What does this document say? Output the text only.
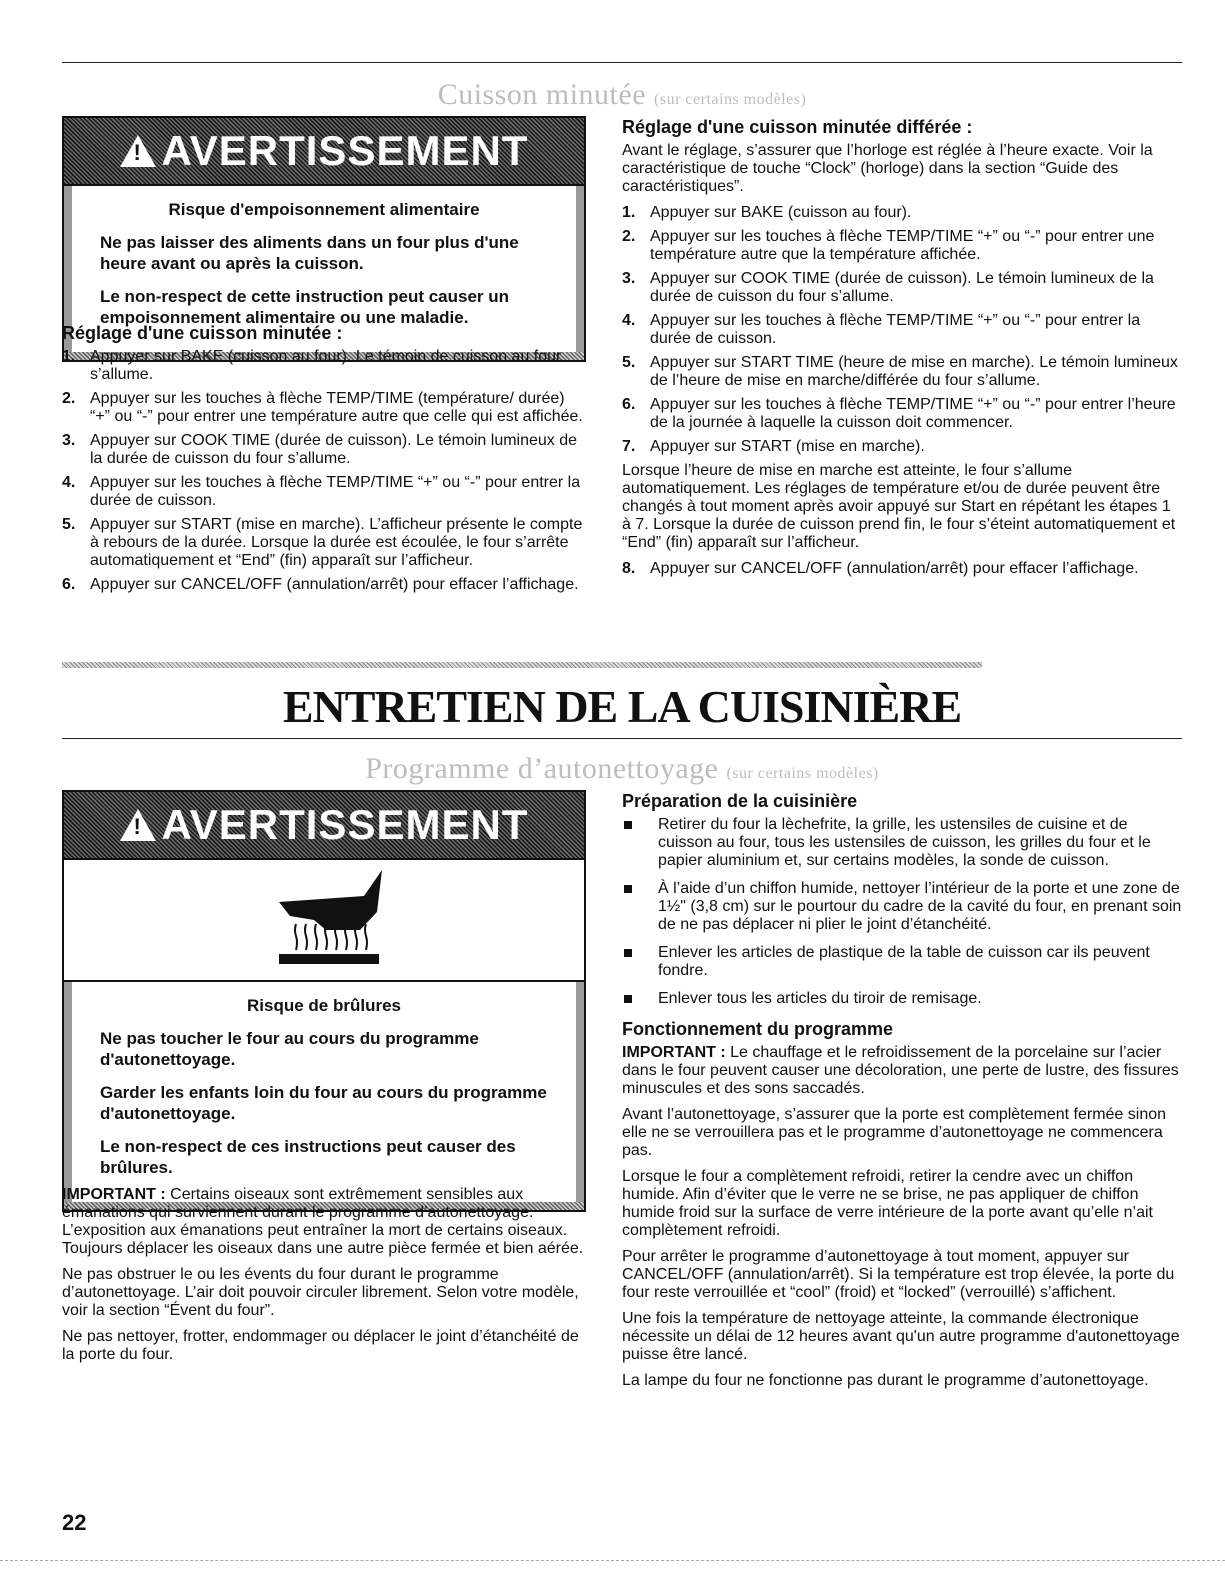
Cuisson minutée (sur certains modèles)
! AVERTISSEMENT
Risque d'empoisonnement alimentaire
Ne pas laisser des aliments dans un four plus d'une heure avant ou après la cuisson.
Le non-respect de cette instruction peut causer un empoisonnement alimentaire ou une maladie.
Réglage d'une cuisson minutée :
1. Appuyer sur BAKE (cuisson au four). Le témoin de cuisson au four s’allume.
2. Appuyer sur les touches à flèche TEMP/TIME (température/ durée) “+” ou “-” pour entrer une température autre que celle qui est affichée.
3. Appuyer sur COOK TIME (durée de cuisson). Le témoin lumineux de la durée de cuisson du four s’allume.
4. Appuyer sur les touches à flèche TEMP/TIME “+” ou “-” pour entrer la durée de cuisson.
5. Appuyer sur START (mise en marche). L’afficheur présente le compte à rebours de la durée. Lorsque la durée est écoulée, le four s’arrête automatiquement et “End” (fin) apparaît sur l’afficheur.
6. Appuyer sur CANCEL/OFF (annulation/arrêt) pour effacer l’affichage.
Réglage d'une cuisson minutée différée :

Avant le réglage, s’assurer que l’horloge est réglée à l’heure exacte. Voir la caractéristique de touche “Clock” (horloge) dans la section “Guide des caractéristiques”.

1. Appuyer sur BAKE (cuisson au four).
2. Appuyer sur les touches à flèche TEMP/TIME “+” ou “-” pour entrer une température autre que la température affichée.
3. Appuyer sur COOK TIME (durée de cuisson). Le témoin lumineux de la durée de cuisson du four s’allume.
4. Appuyer sur les touches à flèche TEMP/TIME “+” ou “-” pour entrer la durée de cuisson.
5. Appuyer sur START TIME (heure de mise en marche). Le témoin lumineux de l’heure de mise en marche/différée du four s’allume.
6. Appuyer sur les touches à flèche TEMP/TIME “+” ou “-” pour entrer l’heure de la journée à laquelle la cuisson doit commencer.
7. Appuyer sur START (mise en marche).

Lorsque l’heure de mise en marche est atteinte, le four s’allume automatiquement. Les réglages de température et/ou de durée peuvent être changés à tout moment après avoir appuyé sur Start en répétant les étapes 1 à 7. Lorsque la durée de cuisson prend fin, le four s’éteint automatiquement et “End” (fin) apparaît sur l’afficheur.

8. Appuyer sur CANCEL/OFF (annulation/arrêt) pour effacer l’affichage.
ENTRETIEN DE LA CUISINIÈRE
Programme d’autonettoyage (sur certains modèles)
! AVERTISSEMENT
Risque de brûlures
Ne pas toucher le four au cours du programme d'autonettoyage.
Garder les enfants loin du four au cours du programme d'autonettoyage.
Le non-respect de ces instructions peut causer des brûlures.

IMPORTANT : Certains oiseaux sont extrêmement sensibles aux émanations qui surviennent durant le programme d’autonettoyage. L’exposition aux émanations peut entraîner la mort de certains oiseaux. Toujours déplacer les oiseaux dans une autre pièce fermée et bien aérée.

Ne pas obstruer le ou les évents du four durant le programme d’autonettoyage. L’air doit pouvoir circuler librement. Selon votre modèle, voir la section “Évent du four”.

Ne pas nettoyer, frotter, endommager ou déplacer le joint d’étanchéité de la porte du four.

Préparation de la cuisinière
Retirer du four la lèchefrite, la grille, les ustensiles de cuisine et de cuisson au four, tous les ustensiles de cuisson, les grilles du four et le papier aluminium et, sur certains modèles, la sonde de cuisson.
À l’aide d’un chiffon humide, nettoyer l’intérieur de la porte et une zone de 1½" (3,8 cm) sur le pourtour du cadre de la cavité du four, en prenant soin de ne pas déplacer ni plier le joint d’étanchéité.
Enlever les articles de plastique de la table de cuisson car ils peuvent fondre.
Enlever tous les articles du tiroir de remisage.
Fonctionnement du programme

IMPORTANT : Le chauffage et le refroidissement de la porcelaine sur l’acier dans le four peuvent causer une décoloration, une perte de lustre, des fissures minuscules et des sons saccadés.

Avant l’autonettoyage, s’assurer que la porte est complètement fermée sinon elle ne se verrouillera pas et le programme d’autonettoyage ne commencera pas.

Lorsque le four a complètement refroidi, retirer la cendre avec un chiffon humide. Afin d’éviter que le verre ne se brise, ne pas appliquer de chiffon humide froid sur la surface de verre intérieure de la porte avant qu’elle n’ait complètement refroidi.

Pour arrêter le programme d’autonettoyage à tout moment, appuyer sur CANCEL/OFF (annulation/arrêt). Si la température est trop élevée, la porte du four reste verrouillée et “cool” (froid) et “locked” (verrouillé) s’affichent.

Une fois la température de nettoyage atteinte, la commande électronique nécessite un délai de 12 heures avant qu'un autre programme d'autonettoyage puisse être lancé.

La lampe du four ne fonctionne pas durant le programme d’autonettoyage.

22
